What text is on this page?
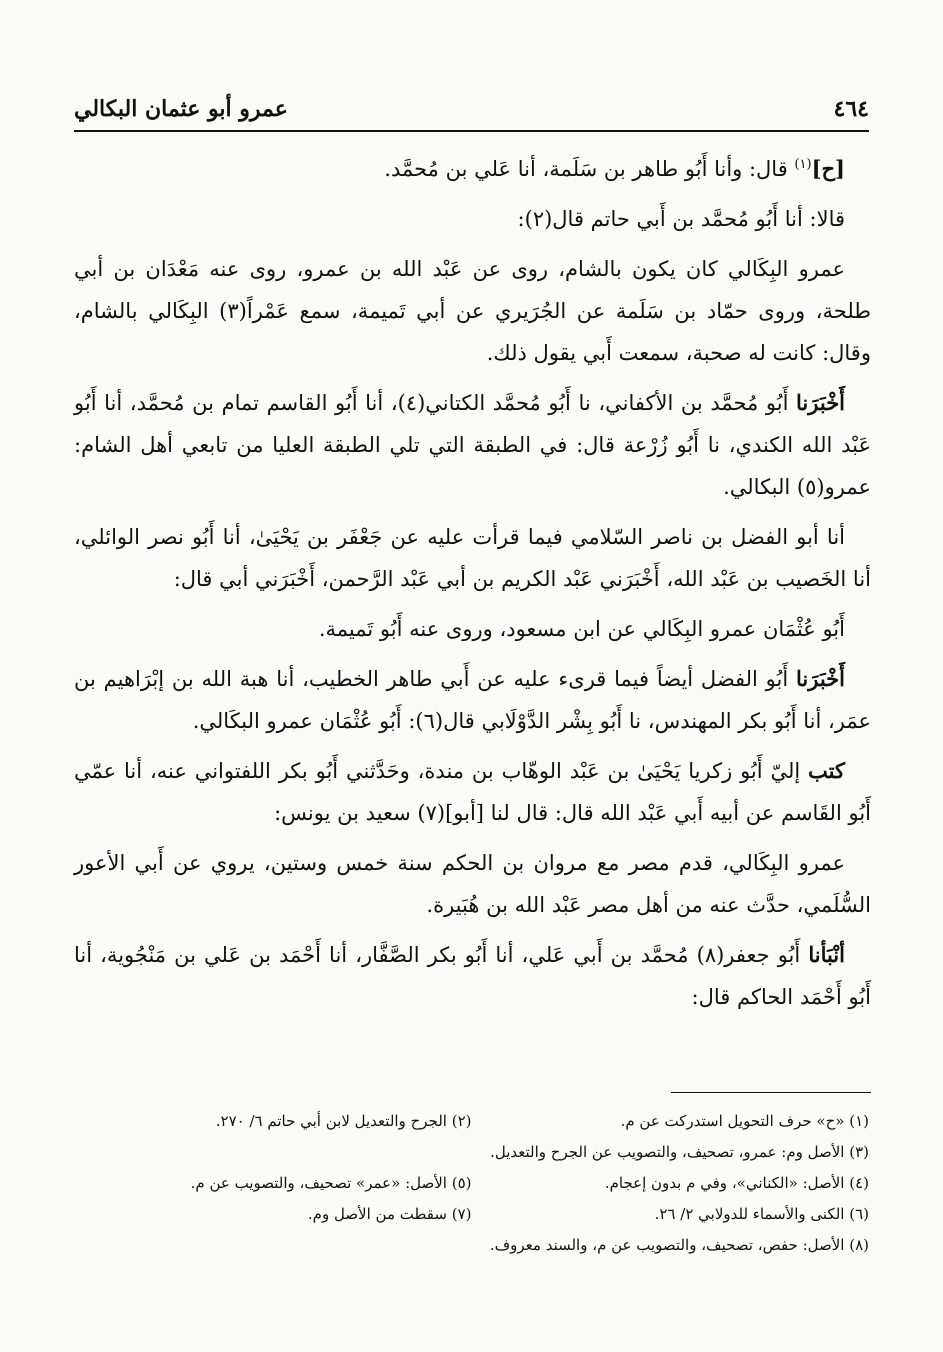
٤٦٤
عمرو أبو عثمان البكالي

[ح]$^{(١)}$ قال: وأنا أَبُو طاهر بن سَلَمة، أنا عَلي بن مُحمَّد.

قالا: أنا أَبُو مُحمَّد بن أَبي حاتم قال(٢):

عمرو البِكَالي كان يكون بالشام، روى عن عَبْد الله بن عمرو، روى عنه مَعْدَان بن أبي طلحة، وروى حمّاد بن سَلَمة عن الجُرَيري عن أبي تَميمة، سمع عَمْراً(٣) البِكَالي بالشام، وقال: كانت له صحبة، سمعت أَبي يقول ذلك.

أَخْبَرَنا أَبُو مُحمَّد بن الأكفاني، نا أَبُو مُحمَّد الكتاني(٤)، أنا أَبُو القاسم تمام بن مُحمَّد، أنا أَبُو عَبْد الله الكندي، نا أَبُو زُرْعة قال: في الطبقة التي تلي الطبقة العليا من تابعي أهل الشام: عمرو(٥) البكالي.

أنا أبو الفضل بن ناصر السّلامي فيما قرأت عليه عن جَعْفَر بن يَحْيَىٰ، أنا أَبُو نصر الوائلي، أنا الخَصيب بن عَبْد الله، أَخْبَرَني عَبْد الكريم بن أبي عَبْد الرَّحمن، أَخْبَرَني أبي قال:

أَبُو عُثْمَان عمرو البِكَالي عن ابن مسعود، وروى عنه أَبُو تَميمة.

أَخْبَرَنا أَبُو الفضل أيضاً فيما قرىء عليه عن أَبي طاهر الخطيب، أنا هبة الله بن إبْرَاهيم بن عمَر، أنا أَبُو بكر المهندس، نا أَبُو بِشْر الدَّوْلَابي قال(٦): أَبُو عُثْمَان عمرو البكَالي.

كتب إليّ أَبُو زكريا يَحْيَىٰ بن عَبْد الوهّاب بن مندة، وحَدَّثني أَبُو بكر اللفتواني عنه، أنا عمّي أَبُو القَاسم عن أبيه أَبي عَبْد الله قال: قال لنا [أبو](٧) سعيد بن يونس:

عمرو البِكَالي، قدم مصر مع مروان بن الحكم سنة خمس وستين، يروي عن أَبي الأعور السُّلَمي، حدَّث عنه من أهل مصر عَبْد الله بن هُبَيرة.

أنْبَأنا أَبُو جعفر(٨) مُحمَّد بن أَبي عَلي، أنا أَبُو بكر الصَّفَّار، أنا أَحْمَد بن عَلي بن مَنْجُوية، أنا أَبُو أَحْمَد الحاكم قال:

(١) «ح» حرف التحويل استدركت عن م.
(٢) الجرح والتعديل لابن أبي حاتم ٦/ ٢٧٠.
(٣) الأصل وم: عمرو، تصحيف، والتصويب عن الجرح والتعديل.
(٤) الأصل: «الكناني»، وفي م بدون إعجام.
(٥) الأصل: «عمر» تصحيف، والتصويب عن م.
(٦) الكنى والأسماء للدولابي ٢/ ٢٦.
(٧) سقطت من الأصل وم.
(٨) الأصل: حفص، تصحيف، والتصويب عن م، والسند معروف.
